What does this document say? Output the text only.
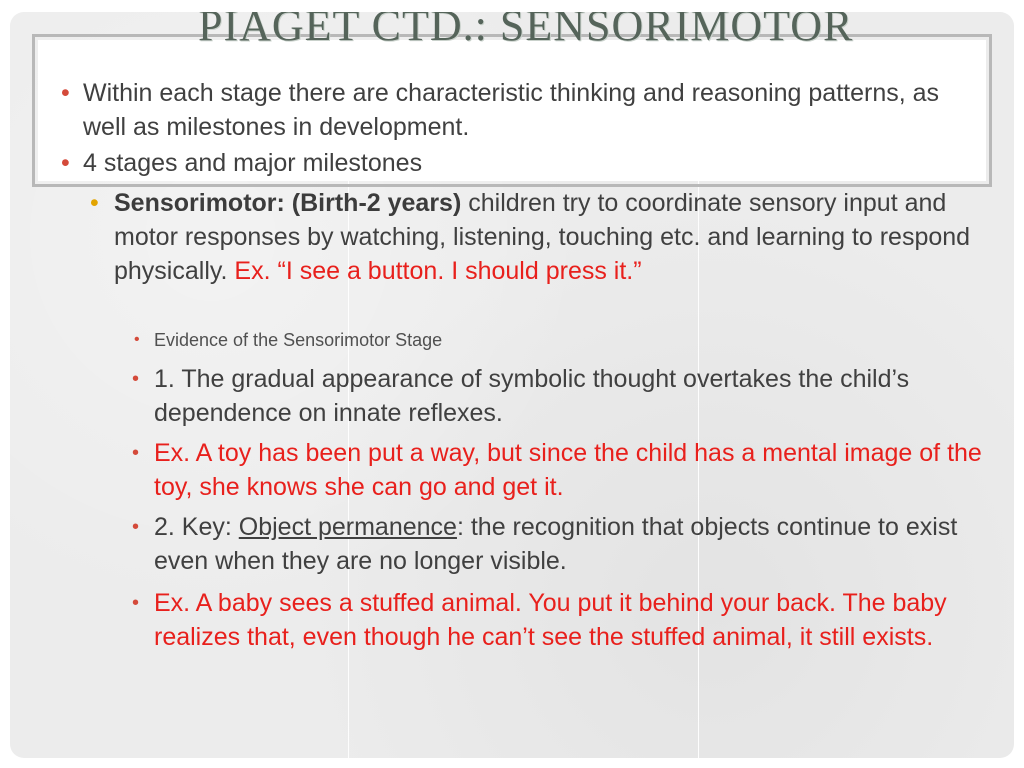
PIAGET CTD.: SENSORIMOTOR
• Within each stage there are characteristic thinking and reasoning patterns, as well as milestones in development.
• 4 stages and major milestones
• Sensorimotor: (Birth-2 years) children try to coordinate sensory input and motor responses by watching, listening, touching etc. and learning to respond physically. Ex. “I see a button. I should press it.”
• Evidence of the Sensorimotor Stage
• 1. The gradual appearance of symbolic thought overtakes the child’s dependence on innate reflexes.
• Ex. A toy has been put a way, but since the child has a mental image of the toy, she knows she can go and get it.
• 2. Key: Object permanence: the recognition that objects continue to exist even when they are no longer visible.
• Ex. A baby sees a stuffed animal. You put it behind your back. The baby realizes that, even though he can’t see the stuffed animal, it still exists.
